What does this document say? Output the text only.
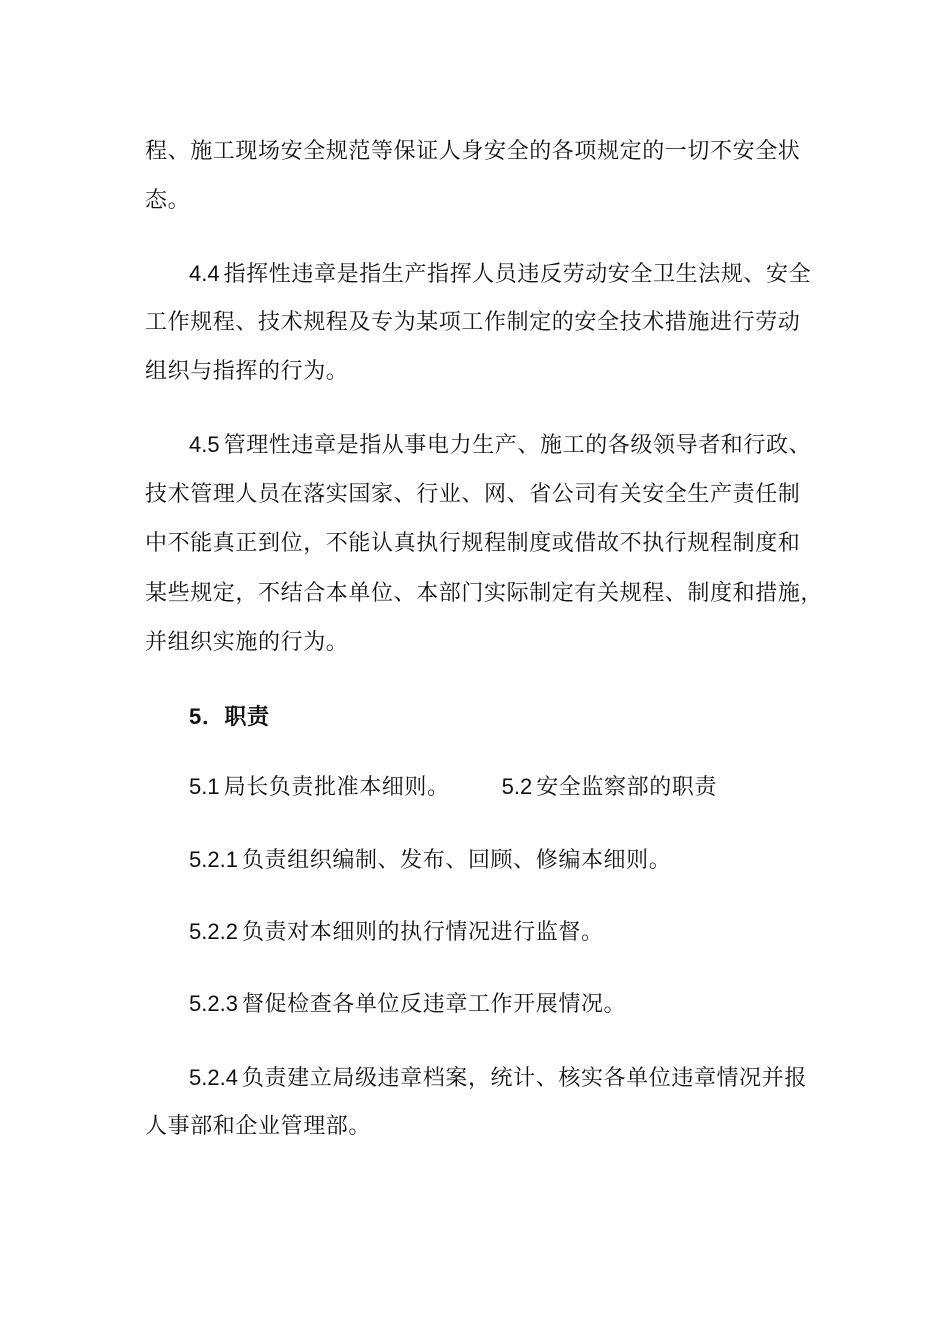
程、施工现场安全规范等保证人身安全的各项规定的一切不安全状
态。
4.4 指挥性违章是指生产指挥人员违反劳动安全卫生法规、安全
工作规程、技术规程及专为某项工作制定的安全技术措施进行劳动
组织与指挥的行为。
4.5 管理性违章是指从事电力生产、施工的各级领导者和行政、
技术管理人员在落实国家、行业、网、省公司有关安全生产责任制
中不能真正到位，不能认真执行规程制度或借故不执行规程制度和
某些规定，不结合本单位、本部门实际制定有关规程、制度和措施，
并组织实施的行为。
5．职责
5.1 局长负责批准本细则。 5.2 安全监察部的职责
5.2.1 负责组织编制、发布、回顾、修编本细则。
5.2.2 负责对本细则的执行情况进行监督。
5.2.3 督促检查各单位反违章工作开展情况。
5.2.4 负责建立局级违章档案，统计、核实各单位违章情况并报
人事部和企业管理部。
